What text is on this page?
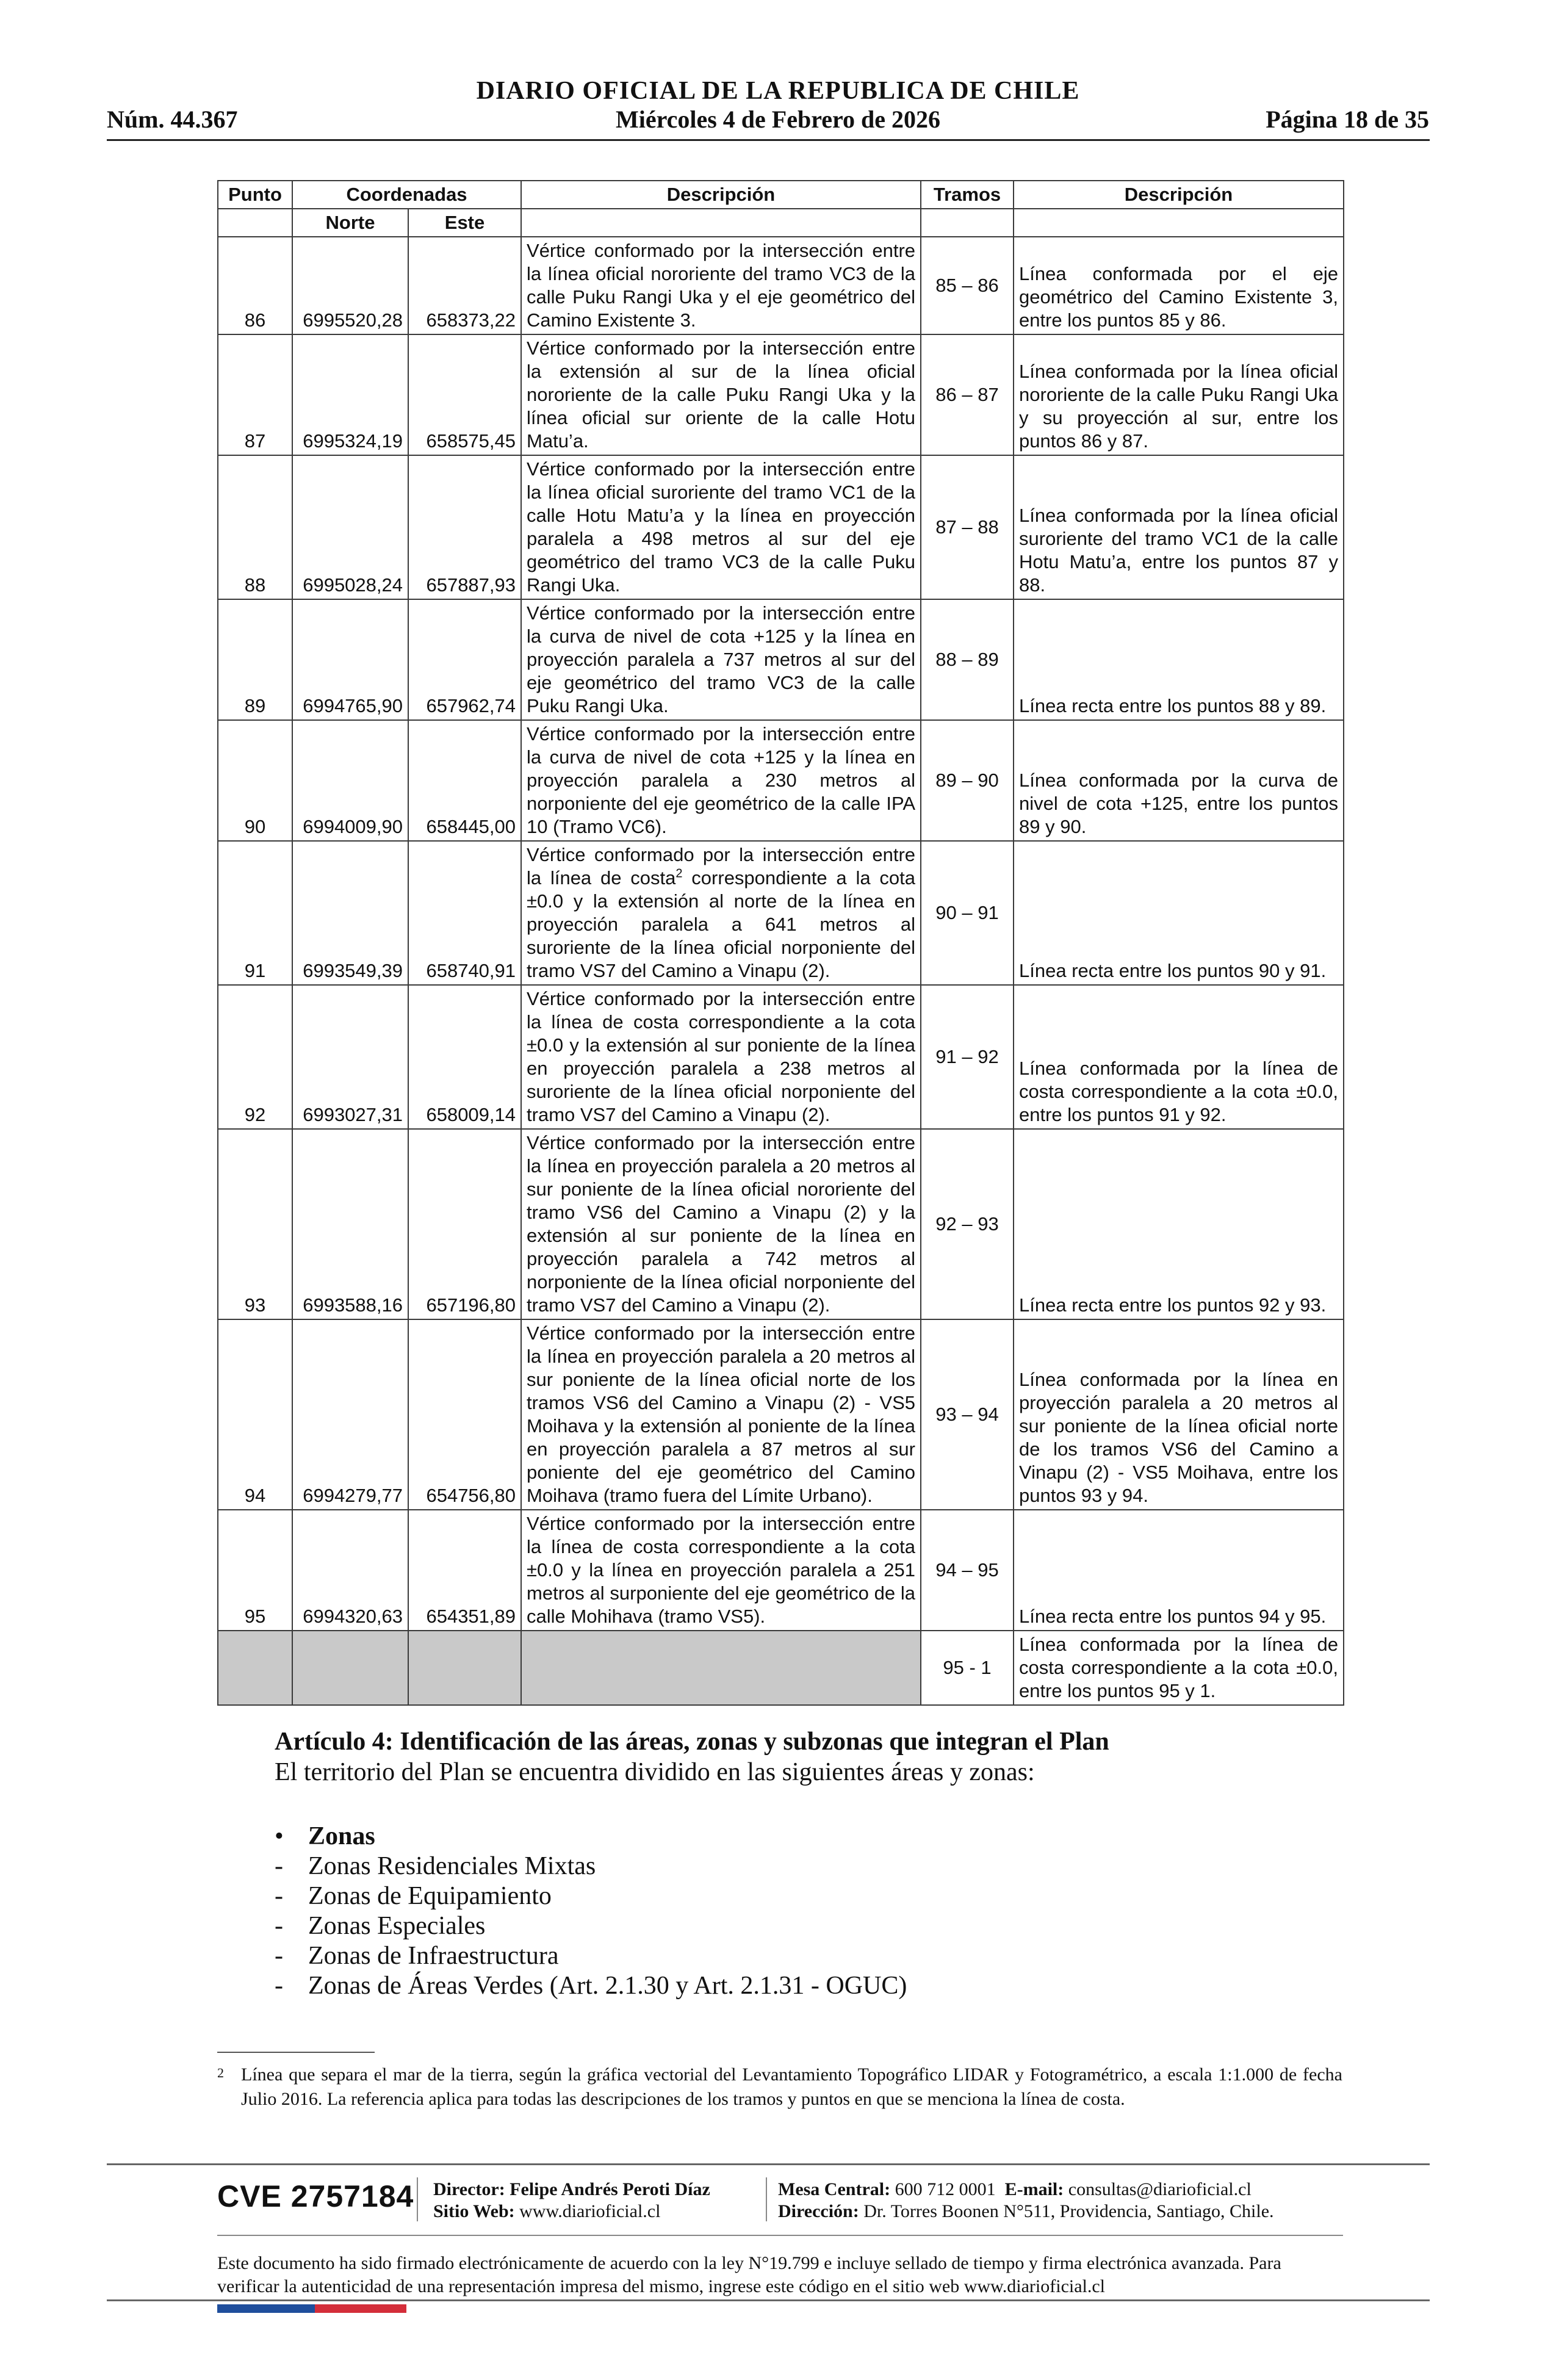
DIARIO OFICIAL DE LA REPUBLICA DE CHILE
Núm. 44.367	Miércoles 4 de Febrero de 2026	Página 18 de 35
Punto	Coordenadas		Descripción	Tramos	Descripción
	Norte	Este			
86	6995520,28	658373,22	Vértice conformado por la intersección entre la línea oficial nororiente del tramo VC3 de la calle Puku Rangi Uka y el eje geométrico del Camino Existente 3.	85 – 86	Línea conformada por el eje geométrico del Camino Existente 3, entre los puntos 85 y 86.
87	6995324,19	658575,45	Vértice conformado por la intersección entre la extensión al sur de la línea oficial nororiente de la calle Puku Rangi Uka y la línea oficial sur oriente de la calle Hotu Matu’a.	86 – 87	Línea conformada por la línea oficial nororiente de la calle Puku Rangi Uka y su proyección al sur, entre los puntos 86 y 87.
88	6995028,24	657887,93	Vértice conformado por la intersección entre la línea oficial suroriente del tramo VC1 de la calle Hotu Matu’a y la línea en proyección paralela a 498 metros al sur del eje geométrico del tramo VC3 de la calle Puku Rangi Uka.	87 – 88	Línea conformada por la línea oficial suroriente del tramo VC1 de la calle Hotu Matu’a, entre los puntos 87 y 88.
89	6994765,90	657962,74	Vértice conformado por la intersección entre la curva de nivel de cota +125 y la línea en proyección paralela a 737 metros al sur del eje geométrico del tramo VC3 de la calle Puku Rangi Uka.	88 – 89	Línea recta entre los puntos 88 y 89.
90	6994009,90	658445,00	Vértice conformado por la intersección entre la curva de nivel de cota +125 y la línea en proyección paralela a 230 metros al norponiente del eje geométrico de la calle IPA 10 (Tramo VC6).	89 – 90	Línea conformada por la curva de nivel de cota +125, entre los puntos 89 y 90.
91	6993549,39	658740,91	Vértice conformado por la intersección entre la línea de costa$^2$ correspondiente a la cota ±0.0 y la extensión al norte de la línea en proyección paralela a 641 metros al suroriente de la línea oficial norponiente del tramo VS7 del Camino a Vinapu (2).	90 – 91	Línea recta entre los puntos 90 y 91.
92	6993027,31	658009,14	Vértice conformado por la intersección entre la línea de costa correspondiente a la cota ±0.0 y la extensión al sur poniente de la línea en proyección paralela a 238 metros al suroriente de la línea oficial norponiente del tramo VS7 del Camino a Vinapu (2).	91 – 92	Línea conformada por la línea de costa correspondiente a la cota ±0.0, entre los puntos 91 y 92.
93	6993588,16	657196,80	Vértice conformado por la intersección entre la línea en proyección paralela a 20 metros al sur poniente de la línea oficial nororiente del tramo VS6 del Camino a Vinapu (2) y la extensión al sur poniente de la línea en proyección paralela a 742 metros al norponiente de la línea oficial norponiente del tramo VS7 del Camino a Vinapu (2).	92 – 93	Línea recta entre los puntos 92 y 93.
94	6994279,77	654756,80	Vértice conformado por la intersección entre la línea en proyección paralela a 20 metros al sur poniente de la línea oficial norte de los tramos VS6 del Camino a Vinapu (2) - VS5 Moihava y la extensión al poniente de la línea en proyección paralela a 87 metros al sur poniente del eje geométrico del Camino Moihava (tramo fuera del Límite Urbano).	93 – 94	Línea conformada por la línea en proyección paralela a 20 metros al sur poniente de la línea oficial norte de los tramos VS6 del Camino a Vinapu (2) - VS5 Moihava, entre los puntos 93 y 94.
95	6994320,63	654351,89	Vértice conformado por la intersección entre la línea de costa correspondiente a la cota ±0.0 y la línea en proyección paralela a 251 metros al surponiente del eje geométrico de la calle Mohihava (tramo VS5).	94 – 95	Línea recta entre los puntos 94 y 95.
				95 - 1	Línea conformada por la línea de costa correspondiente a la cota ±0.0, entre los puntos 95 y 1.
Artículo 4: Identificación de las áreas, zonas y subzonas que integran el Plan
El territorio del Plan se encuentra dividido en las siguientes áreas y zonas:
• Zonas
- Zonas Residenciales Mixtas
- Zonas de Equipamiento
- Zonas Especiales
- Zonas de Infraestructura
- Zonas de Áreas Verdes (Art. 2.1.30 y Art. 2.1.31 - OGUC)
2 Línea que separa el mar de la tierra, según la gráfica vectorial del Levantamiento Topográfico LIDAR y Fotogramétrico, a escala 1:1.000 de fecha Julio 2016. La referencia aplica para todas las descripciones de los tramos y puntos en que se menciona la línea de costa.
CVE 2757184 Director: Felipe Andrés Peroti Díaz
Sitio Web: www.diarioficial.cl
Mesa Central: 600 712 0001 E-mail: consultas@diarioficial.cl
Dirección: Dr. Torres Boonen N°511, Providencia, Santiago, Chile.
Este documento ha sido firmado electrónicamente de acuerdo con la ley N°19.799 e incluye sellado de tiempo y firma electrónica avanzada. Para verificar la autenticidad de una representación impresa del mismo, ingrese este código en el sitio web www.diarioficial.cl
